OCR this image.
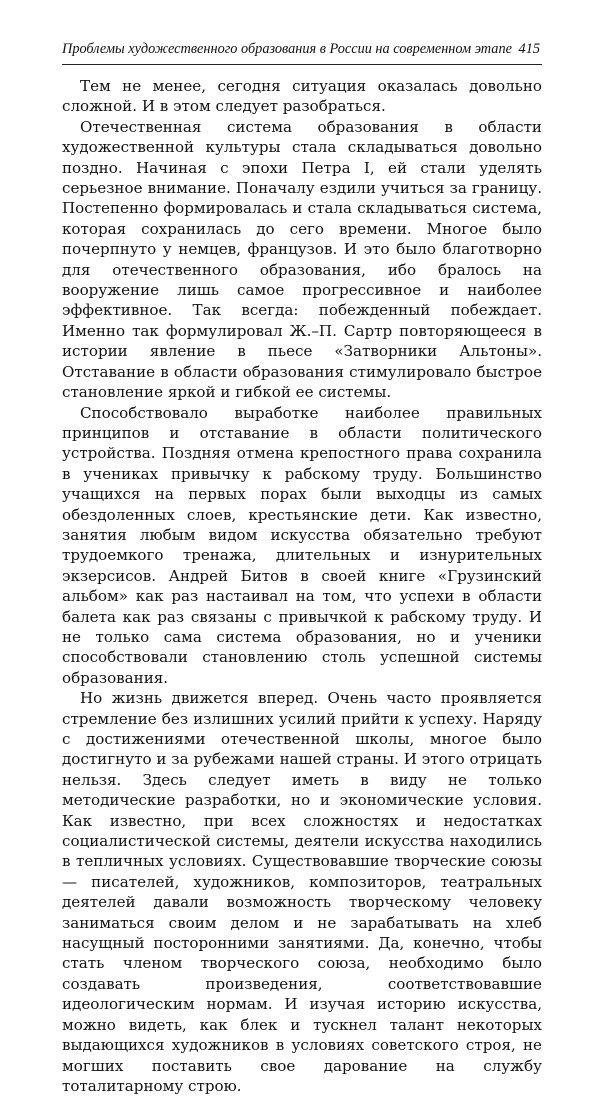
Проблемы художественного образования в России на современном этапе 415

Тем не менее, сегодня ситуация оказалась довольно сложной. И в этом следует разобраться.

Отечественная система образования в области художественной культуры стала складываться довольно поздно. Начиная с эпохи Петра I, ей стали уделять серьезное внимание. Поначалу ездили учиться за границу. Постепенно формировалась и стала складываться система, которая сохранилась до сего времени. Многое было почерпнуто у немцев, французов. И это было благотворно для отечественного образования, ибо бралось на вооружение лишь самое прогрессивное и наиболее эффективное. Так всегда: побежденный побеждает. Именно так формулировал Ж.–П. Сартр повторяющееся в истории явление в пьесе «Затворники Альтоны». Отставание в области образования стимулировало быстрое становление яркой и гибкой ее системы.

Способствовало выработке наиболее правильных принципов и отставание в области политического устройства. Поздняя отмена крепостного права сохранила в учениках привычку к рабскому труду. Большинство учащихся на первых порах были выходцы из самых обездоленных слоев, крестьянские дети. Как известно, занятия любым видом искусства обязательно требуют трудоемкого тренажа, длительных и изнурительных экзерсисов. Андрей Битов в своей книге «Грузинский альбом» как раз настаивал на том, что успехи в области балета как раз связаны с привычкой к рабскому труду. И не только сама система образования, но и ученики способствовали становлению столь успешной системы образования.

Но жизнь движется вперед. Очень часто проявляется стремление без излишних усилий прийти к успеху. Наряду с достижениями отечественной школы, многое было достигнуто и за рубежами нашей страны. И этого отрицать нельзя. Здесь следует иметь в виду не только методические разработки, но и экономические условия. Как известно, при всех сложностях и недостатках социалистической системы, деятели искусства находились в тепличных условиях. Существовавшие творческие союзы — писателей, художников, композиторов, театральных деятелей давали возможность творческому человеку заниматься своим делом и не зарабатывать на хлеб насущный посторонними занятиями. Да, конечно, чтобы стать членом творческого союза, необходимо было создавать произведения, соответствовавшие идеологическим нормам. И изучая историю искусства, можно видеть, как блек и тускнел талант некоторых выдающихся художников в условиях советского строя, не могших поставить свое дарование на службу тоталитарному строю.
